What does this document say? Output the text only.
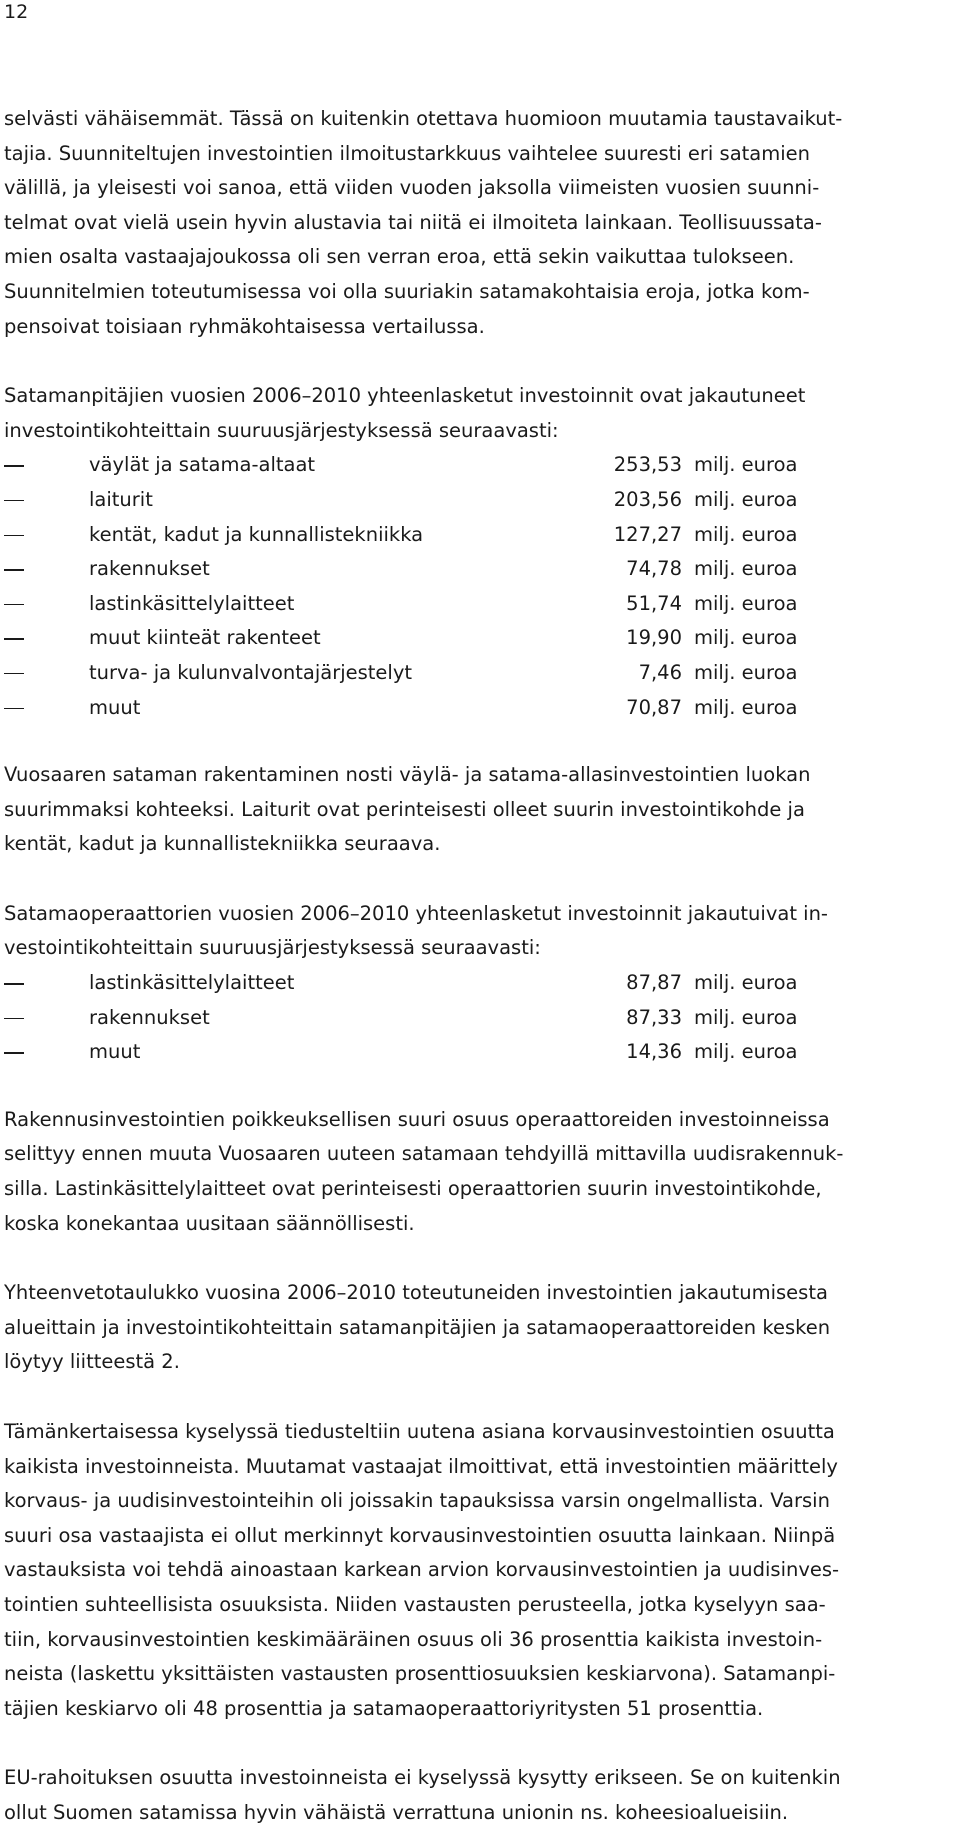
12
selvästi vähäisemmät. Tässä on kuitenkin otettava huomioon muutamia taustavaikut-
tajia. Suunniteltujen investointien ilmoitustarkkuus vaihtelee suuresti eri satamien
välillä, ja yleisesti voi sanoa, että viiden vuoden jaksolla viimeisten vuosien suunni-
telmat ovat vielä usein hyvin alustavia tai niitä ei ilmoiteta lainkaan. Teollisuussata-
mien osalta vastaajajoukossa oli sen verran eroa, että sekin vaikuttaa tulokseen.
Suunnitelmien toteutumisessa voi olla suuriakin satamakohtaisia eroja, jotka kom-
pensoivat toisiaan ryhmäkohtaisessa vertailussa.
Satamanpitäjien vuosien 2006–2010 yhteenlasketut investoinnit ovat jakautuneet
investointikohteittain suuruusjärjestyksessä seuraavasti:
väylät ja satama-altaat	253,53 milj. euroa
laiturit	203,56 milj. euroa
kentät, kadut ja kunnallistekniikka	127,27 milj. euroa
rakennukset	74,78 milj. euroa
lastinkäsittelylaitteet	51,74 milj. euroa
muut kiinteät rakenteet	19,90 milj. euroa
turva- ja kulunvalvontajärjestelyt	7,46 milj. euroa
muut	70,87 milj. euroa
Vuosaaren sataman rakentaminen nosti väylä- ja satama-allasinvestointien luokan
suurimmaksi kohteeksi. Laiturit ovat perinteisesti olleet suurin investointikohde ja
kentät, kadut ja kunnallistekniikka seuraava.
Satamaoperaattorien vuosien 2006–2010 yhteenlasketut investoinnit jakautuivat in-
vestointikohteittain suuruusjärjestyksessä seuraavasti:
lastinkäsittelylaitteet	87,87 milj. euroa
rakennukset	87,33 milj. euroa
muut	14,36 milj. euroa
Rakennusinvestointien poikkeuksellisen suuri osuus operaattoreiden investoinneissa
selittyy ennen muuta Vuosaaren uuteen satamaan tehdyillä mittavilla uudisrakennuk-
silla. Lastinkäsittelylaitteet ovat perinteisesti operaattorien suurin investointikohde,
koska konekantaa uusitaan säännöllisesti.
Yhteenvetotaulukko vuosina 2006–2010 toteutuneiden investointien jakautumisesta
alueittain ja investointikohteittain satamanpitäjien ja satamaoperaattoreiden kesken
löytyy liitteestä 2.
Tämänkertaisessa kyselyssä tiedusteltiin uutena asiana korvausinvestointien osuutta
kaikista investoinneista. Muutamat vastaajat ilmoittivat, että investointien määrittely
korvaus- ja uudisinvestointeihin oli joissakin tapauksissa varsin ongelmallista. Varsin
suuri osa vastaajista ei ollut merkinnyt korvausinvestointien osuutta lainkaan. Niinpä
vastauksista voi tehdä ainoastaan karkean arvion korvausinvestointien ja uudisinves-
tointien suhteellisista osuuksista. Niiden vastausten perusteella, jotka kyselyyn saa-
tiin, korvausinvestointien keskimääräinen osuus oli 36 prosenttia kaikista investoin-
neista (laskettu yksittäisten vastausten prosenttiosuuksien keskiarvona). Satamanpi-
täjien keskiarvo oli 48 prosenttia ja satamaoperaattoriyritysten 51 prosenttia.
EU-rahoituksen osuutta investoinneista ei kyselyssä kysytty erikseen. Se on kuitenkin
ollut Suomen satamissa hyvin vähäistä verrattuna unionin ns. koheesioalueisiin.
